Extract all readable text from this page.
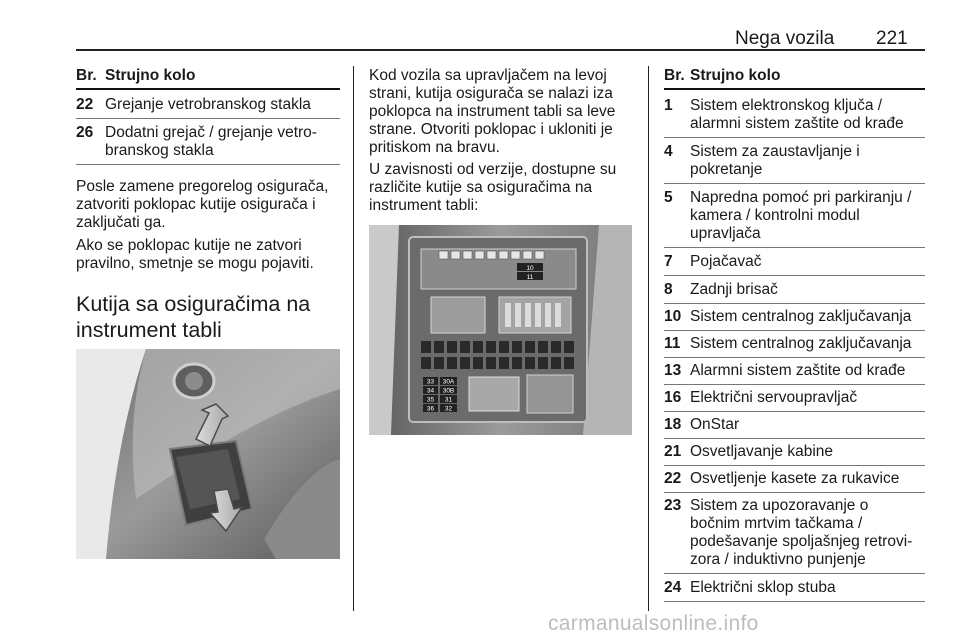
Nega vozila 221
Br. Strujno kolo
22 Grejanje vetrobranskog stakla
26 Dodatni grejač / grejanje vetro-
branskog stakla
Posle zamene pregorelog osigurača,
zatvoriti poklopac kutije osigurača i
zaključati ga.
Ako se poklopac kutije ne zatvori
pravilno, smetnje se mogu pojaviti.
Kutija sa osiguračima na
instrument tabli
Kod vozila sa upravljačem na levoj
strani, kutija osigurača se nalazi iza
poklopca na instrument tabli sa leve
strane. Otvoriti poklopac i ukloniti je
pritiskom na bravu.
U zavisnosti od verzije, dostupne su
različite kutije sa osiguračima na
instrument tabli:
10
11
33 30A
34 30B
35 31
36 32
Br. Strujno kolo
1 Sistem elektronskog ključa /
alarmni sistem zaštite od krađe
4 Sistem za zaustavljanje i
pokretanje
5 Napredna pomoć pri parkiranju /
kamera / kontrolni modul
upravljača
7 Pojačavač
8 Zadnji brisač
10 Sistem centralnog zaključavanja
11 Sistem centralnog zaključavanja
13 Alarmni sistem zaštite od krađe
16 Električni servoupravljač
18 OnStar
21 Osvetljavanje kabine
22 Osvetljenje kasete za rukavice
23 Sistem za upozoravanje o
bočnim mrtvim tačkama /
podešavanje spoljašnjeg retrovi-
zora / induktivno punjenje
24 Električni sklop stuba
carmanualsonline.info
